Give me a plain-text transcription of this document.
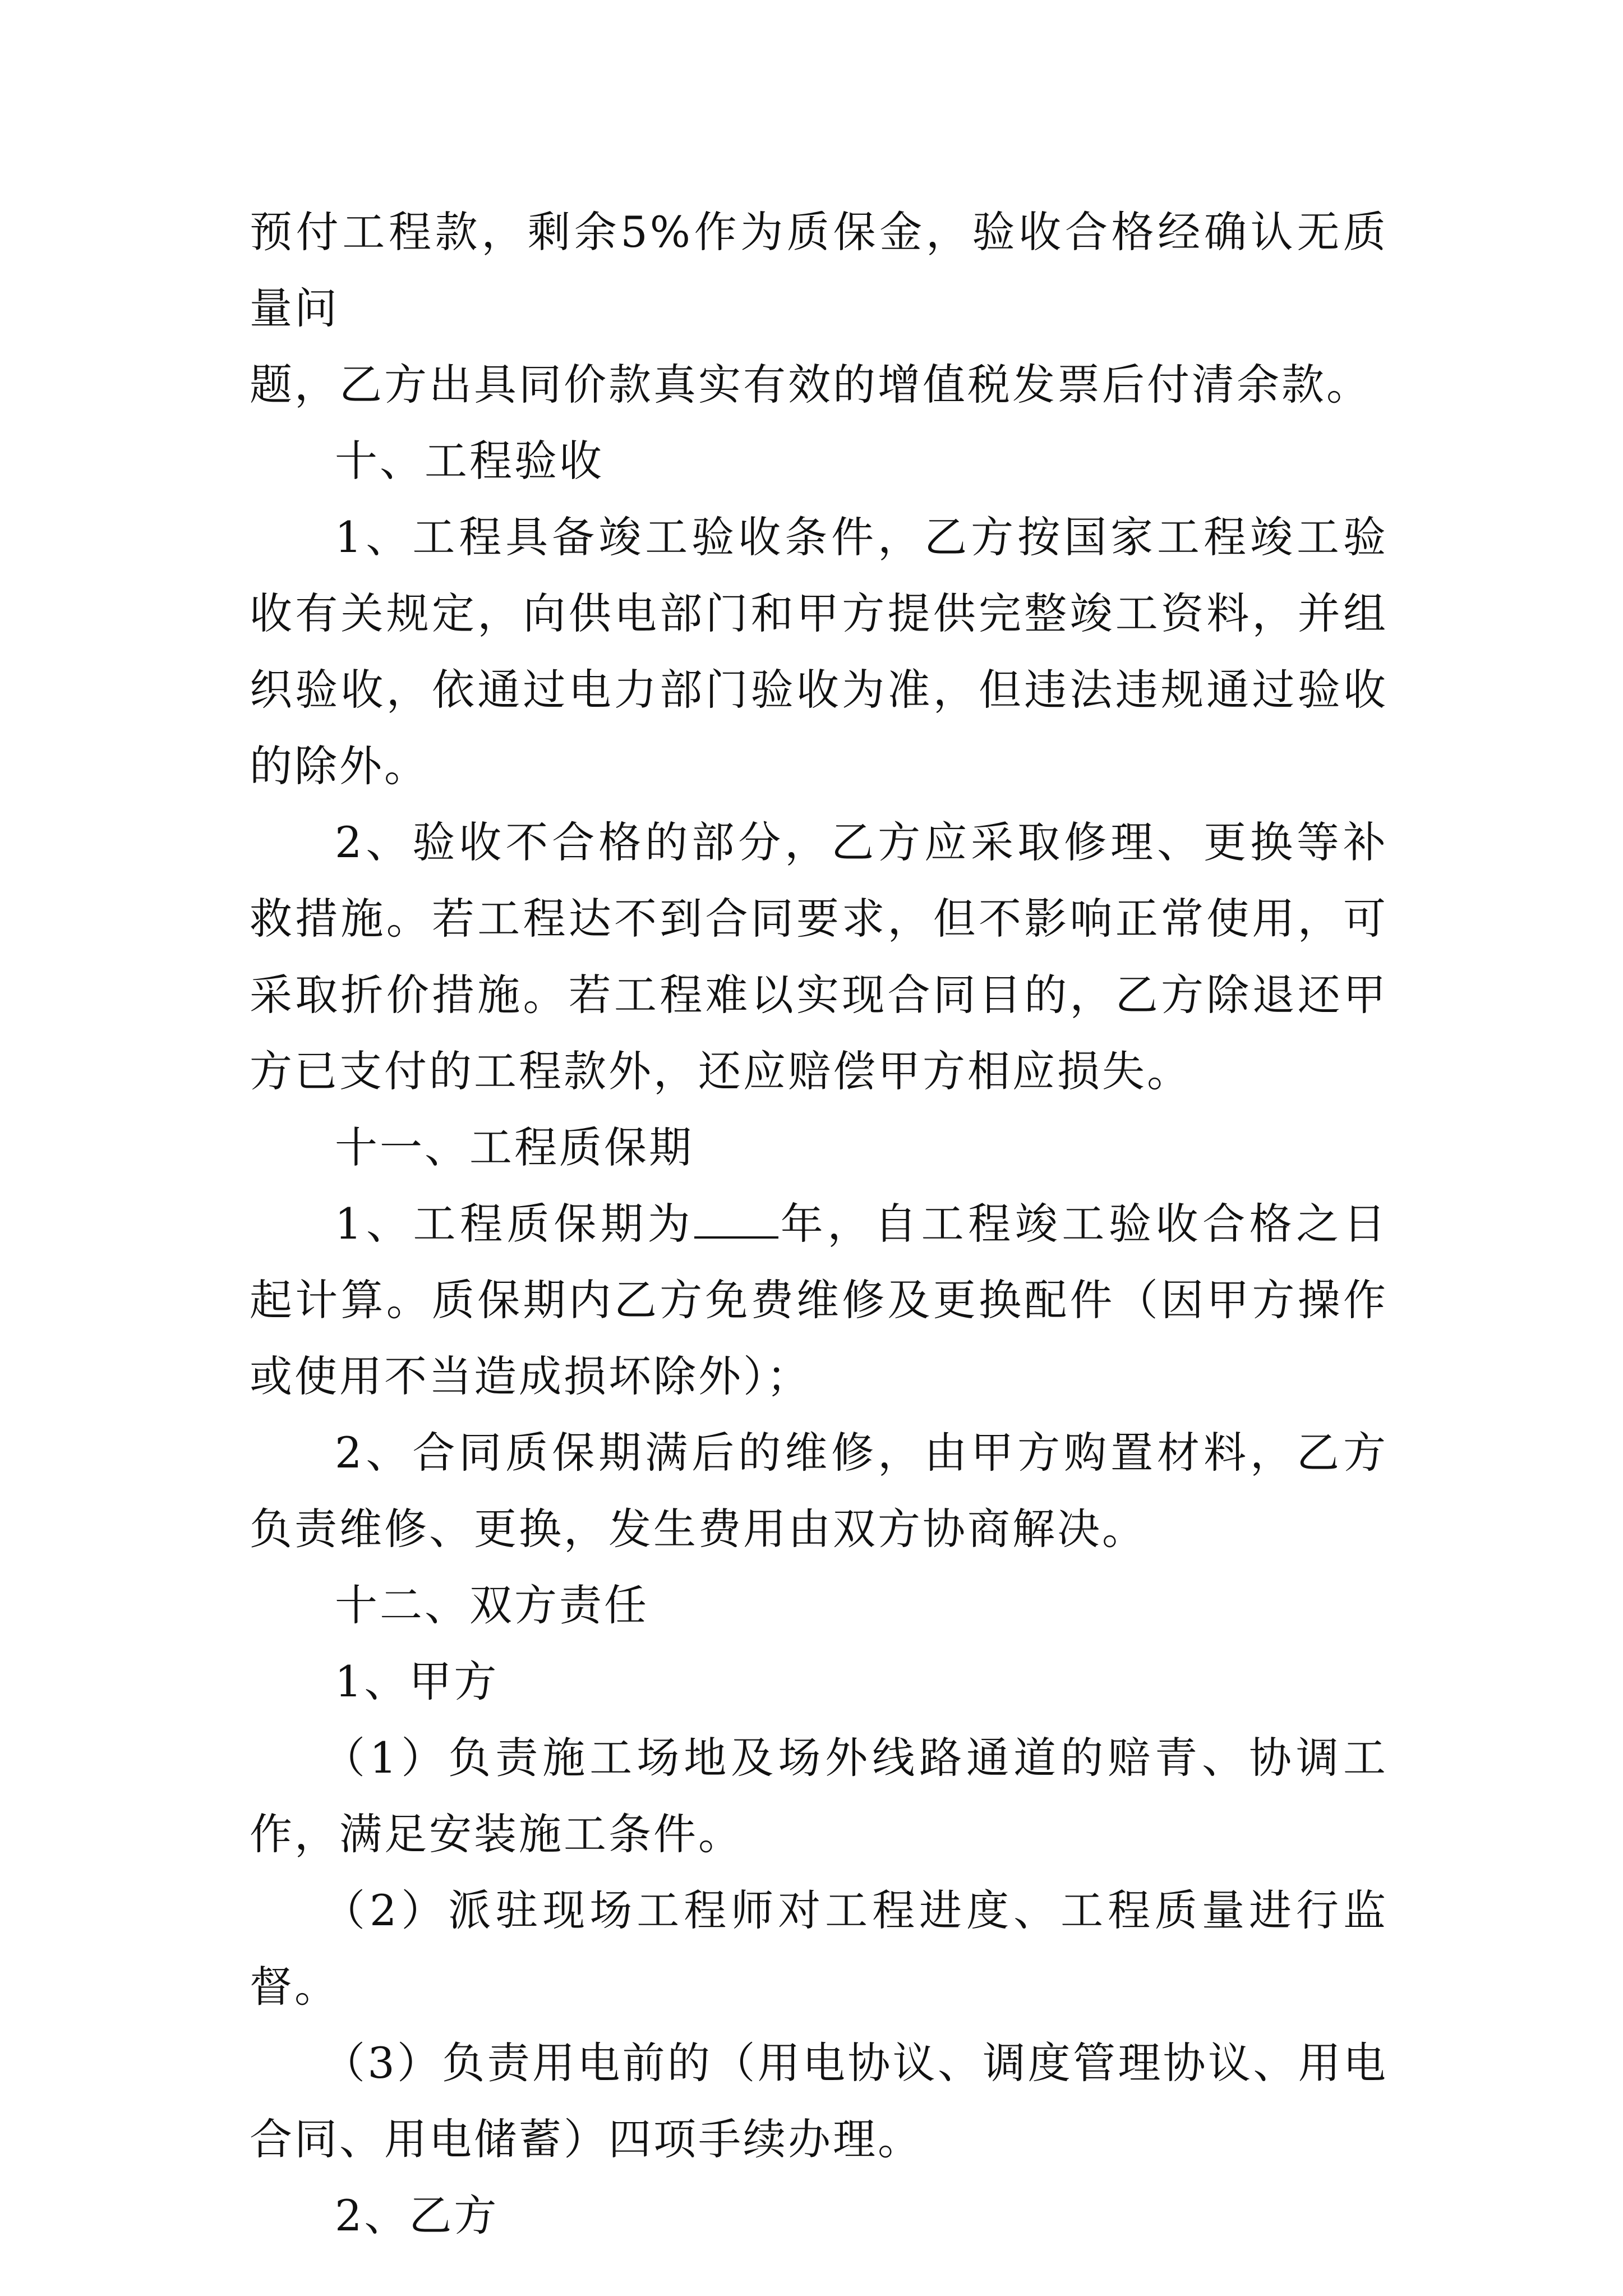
预付工程款，剩余5%作为质保金，验收合格经确认无质量问

题，乙方出具同价款真实有效的增值税发票后付清余款。

十、工程验收

1、工程具备竣工验收条件，乙方按国家工程竣工验收有关规定，向供电部门和甲方提供完整竣工资料，并组织验收，依通过电力部门验收为准，但违法违规通过验收的除外。

2、验收不合格的部分，乙方应采取修理、更换等补救措施。若工程达不到合同要求，但不影响正常使用，可采取折价措施。若工程难以实现合同目的，乙方除退还甲方已支付的工程款外，还应赔偿甲方相应损失。

十一、工程质保期

1、工程质保期为 年，自工程竣工验收合格之日起计算。质保期内乙方免费维修及更换配件（因甲方操作或使用不当造成损坏除外）；

2、合同质保期满后的维修，由甲方购置材料，乙方负责维修、更换，发生费用由双方协商解决。

十二、双方责任

1、甲方

（1）负责施工场地及场外线路通道的赔青、协调工作，满足安装施工条件。

（2）派驻现场工程师对工程进度、工程质量进行监督。

（3）负责用电前的（用电协议、调度管理协议、用电合同、用电储蓄）四项手续办理。

2、乙方
